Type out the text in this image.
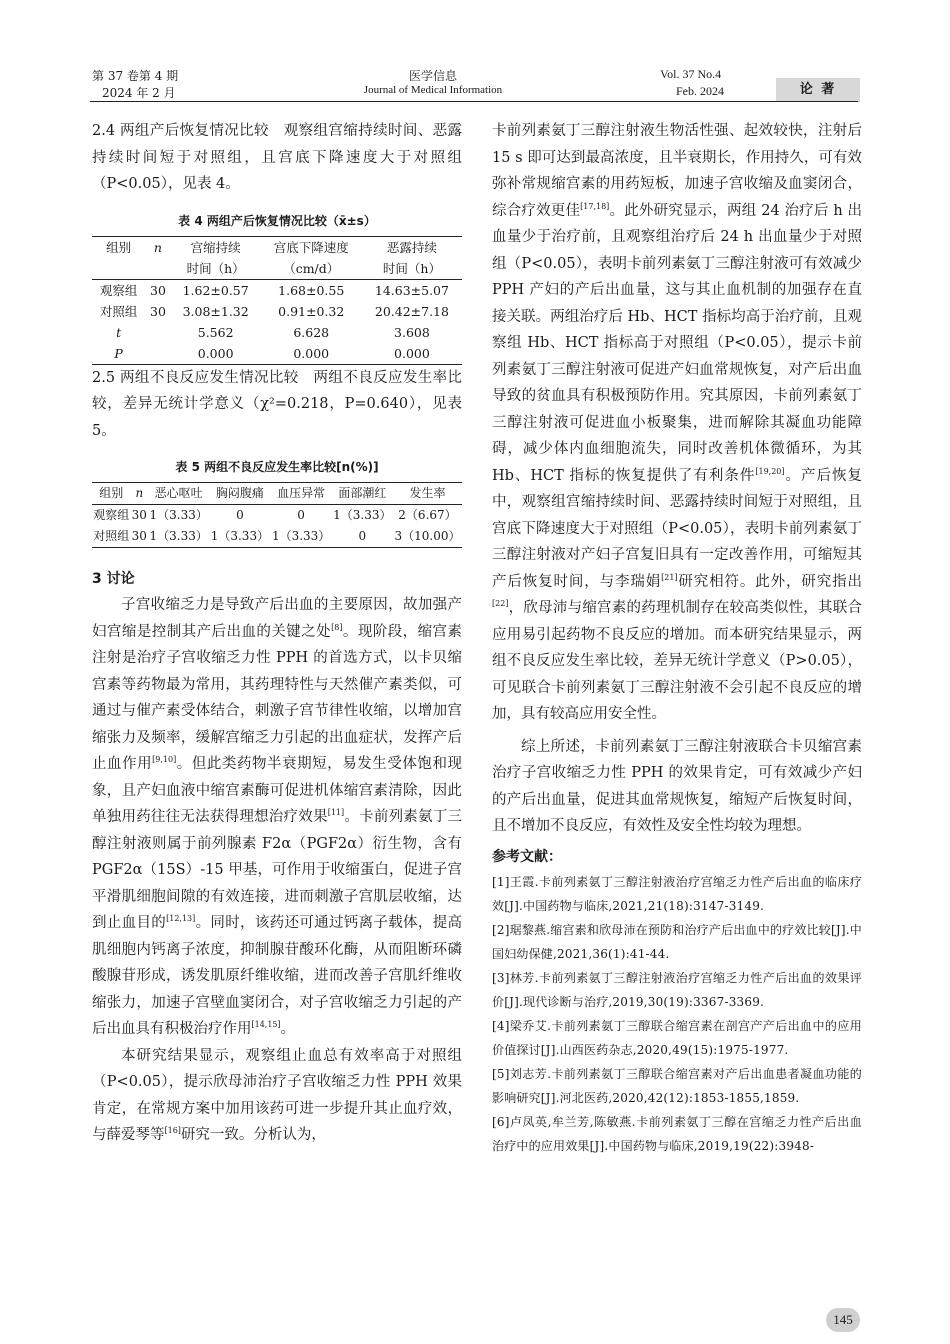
第 37 卷第 4 期
2024 年 2 月
医学信息
Journal of Medical Information
Vol. 37 No.4
Feb. 2024	论 著

2.4 两组产后恢复情况比较　观察组宫缩持续时间、恶露持续时间短于对照组，且宫底下降速度大于对照组（P<0.05），见表 4。

表 4 两组产后恢复情况比较（x̄±s）
组别	n	宫缩持续	宫底下降速度	恶露持续
		时间（h）	（cm/d）	时间（h）
观察组	30	1.62±0.57	1.68±0.55	14.63±5.07
对照组	30	3.08±1.32	0.91±0.32	20.42±7.18
t		5.562	6.628	3.608
P		0.000	0.000	0.000

2.5 两组不良反应发生情况比较　两组不良反应发生率比较，差异无统计学意义（χ²=0.218，P=0.640），见表 5。

表 5 两组不良反应发生率比较[n(%)]
组别	n	恶心呕吐	胸闷腹痛	血压异常	面部潮红	发生率
观察组	30	1（3.33）	0	0	1（3.33）	2（6.67）
对照组	30	1（3.33）	1（3.33）	1（3.33）	0	3（10.00）
3 讨论

子宫收缩乏力是导致产后出血的主要原因，故加强产妇宫缩是控制其产后出血的关键之处[8]。现阶段，缩宫素注射是治疗子宫收缩乏力性 PPH 的首选方式，以卡贝缩宫素等药物最为常用，其药理特性与天然催产素类似，可通过与催产素受体结合，刺激子宫节律性收缩，以增加宫缩张力及频率，缓解宫缩乏力引起的出血症状，发挥产后止血作用[9,10]。但此类药物半衰期短，易发生受体饱和现象，且产妇血液中缩宫素酶可促进机体缩宫素清除，因此单独用药往往无法获得理想治疗效果[11]。卡前列素氨丁三醇注射液则属于前列腺素 F2α（PGF2α）衍生物，含有 PGF2α（15S）-15 甲基，可作用于收缩蛋白，促进子宫平滑肌细胞间隙的有效连接，进而刺激子宫肌层收缩，达到止血目的[12,13]。同时，该药还可通过钙离子载体，提高肌细胞内钙离子浓度，抑制腺苷酸环化酶，从而阻断环磷酸腺苷形成，诱发肌原纤维收缩，进而改善子宫肌纤维收缩张力，加速子宫壁血窦闭合，对子宫收缩乏力引起的产后出血具有积极治疗作用[14,15]。

本研究结果显示，观察组止血总有效率高于对照组（P<0.05），提示欣母沛治疗子宫收缩乏力性 PPH 效果肯定，在常规方案中加用该药可进一步提升其止血疗效，与薛爱琴等[16]研究一致。分析认为，

卡前列素氨丁三醇注射液生物活性强、起效较快，注射后 15 s 即可达到最高浓度，且半衰期长，作用持久，可有效弥补常规缩宫素的用药短板，加速子宫收缩及血窦闭合，综合疗效更佳[17,18]。此外研究显示，两组 24 治疗后 h 出血量少于治疗前，且观察组治疗后 24 h 出血量少于对照组（P<0.05），表明卡前列素氨丁三醇注射液可有效减少 PPH 产妇的产后出血量，这与其止血机制的加强存在直接关联。两组治疗后 Hb、HCT 指标均高于治疗前，且观察组 Hb、HCT 指标高于对照组（P<0.05），提示卡前列素氨丁三醇注射液可促进产妇血常规恢复，对产后出血导致的贫血具有积极预防作用。究其原因，卡前列素氨丁三醇注射液可促进血小板聚集，进而解除其凝血功能障碍，减少体内血细胞流失，同时改善机体微循环，为其 Hb、HCT 指标的恢复提供了有利条件[19,20]。产后恢复中，观察组宫缩持续时间、恶露持续时间短于对照组，且宫底下降速度大于对照组（P<0.05），表明卡前列素氨丁三醇注射液对产妇子宫复旧具有一定改善作用，可缩短其产后恢复时间，与李瑞娟[21]研究相符。此外，研究指出[22]，欣母沛与缩宫素的药理机制存在较高类似性，其联合应用易引起药物不良反应的增加。而本研究结果显示，两组不良反应发生率比较，差异无统计学意义（P>0.05），可见联合卡前列素氨丁三醇注射液不会引起不良反应的增加，具有较高应用安全性。

综上所述，卡前列素氨丁三醇注射液联合卡贝缩宫素治疗子宫收缩乏力性 PPH 的效果肯定，可有效减少产妇的产后出血量，促进其血常规恢复，缩短产后恢复时间，且不增加不良反应，有效性及安全性均较为理想。

参考文献：
[1]王霞.卡前列素氨丁三醇注射液治疗宫缩乏力性产后出血的临床疗效[J].中国药物与临床,2021,21(18):3147-3149.
[2]琚黎燕.缩宫素和欣母沛在预防和治疗产后出血中的疗效比较[J].中国妇幼保健,2021,36(1):41-44.
[3]林芳.卡前列素氨丁三醇注射液治疗宫缩乏力性产后出血的效果评价[J].现代诊断与治疗,2019,30(19):3367-3369.
[4]梁乔艾.卡前列素氨丁三醇联合缩宫素在剖宫产产后出血中的应用价值探讨[J].山西医药杂志,2020,49(15):1975-1977.
[5]刘志芳.卡前列素氨丁三醇联合缩宫素对产后出血患者凝血功能的影响研究[J].河北医药,2020,42(12):1853-1855,1859.
[6]卢凤英,牟兰芳,陈敏燕.卡前列素氨丁三醇在宫缩乏力性产后出血治疗中的应用效果[J].中国药物与临床,2019,19(22):3948-
145
